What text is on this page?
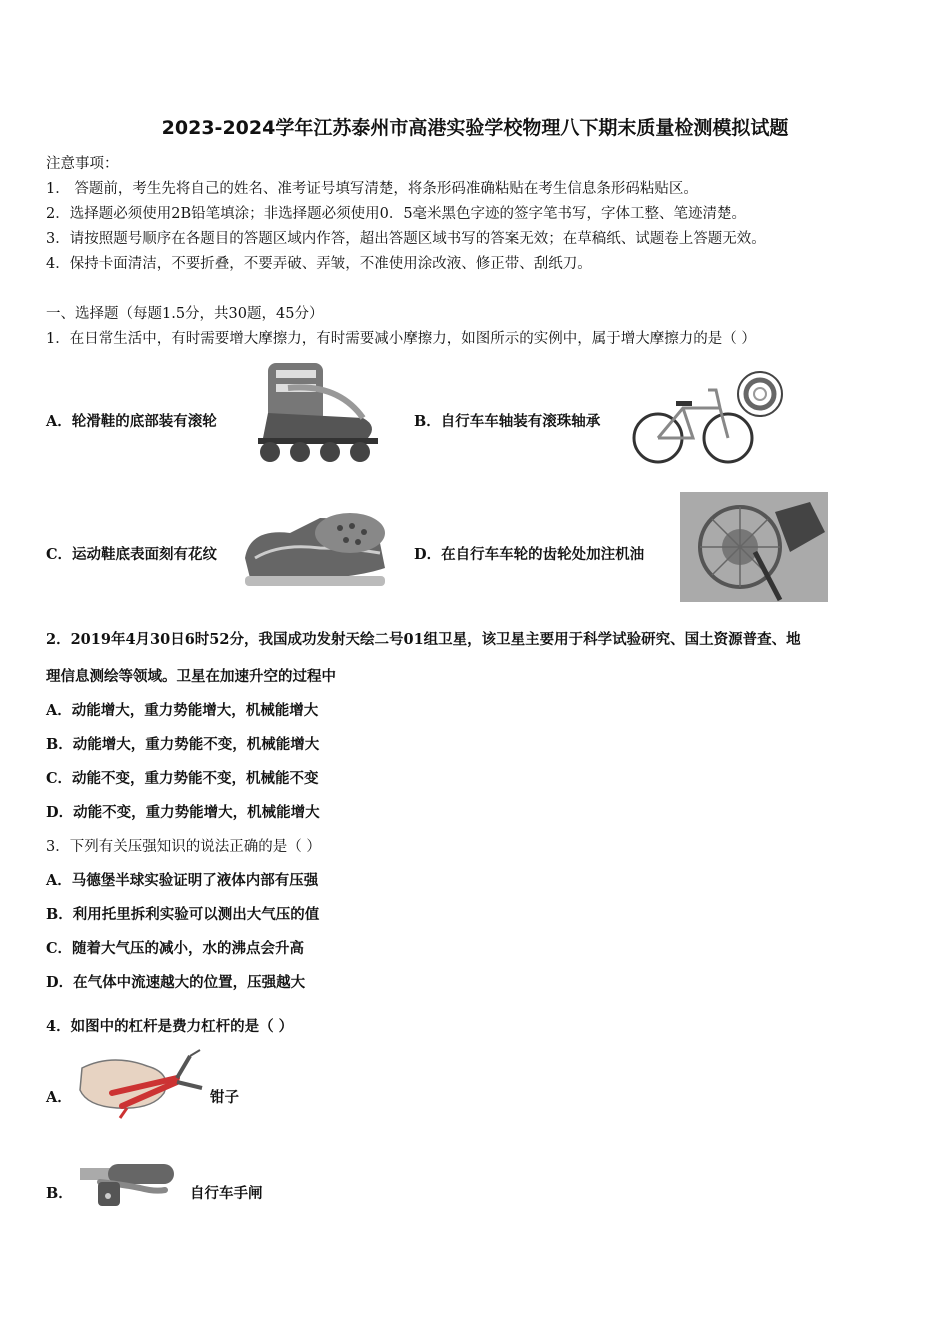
2023-2024学年江苏泰州市高港实验学校物理八下期末质量检测模拟试题
注意事项：
1． 答题前，考生先将自己的姓名、准考证号填写清楚，将条形码准确粘贴在考生信息条形码粘贴区。
2．选择题必须使用2B铅笔填涂；非选择题必须使用0．5毫米黑色字迹的签字笔书写，字体工整、笔迹清楚。
3．请按照题号顺序在各题目的答题区域内作答，超出答题区域书写的答案无效；在草稿纸、试题卷上答题无效。
4．保持卡面清洁，不要折叠，不要弄破、弄皱，不准使用涂改液、修正带、刮纸刀。
一、选择题（每题1.5分，共30题，45分）
1．在日常生活中，有时需要增大摩擦力，有时需要减小摩擦力，如图所示的实例中，属于增大摩擦力的是（ ）
A．轮滑鞋的底部装有滚轮	B．自行车车轴装有滚珠轴承
C．运动鞋底表面刻有花纹	D．在自行车车轮的齿轮处加注机油
2．2019年4月30日6时52分，我国成功发射天绘二号01组卫星，该卫星主要用于科学试验研究、国土资源普查、地
理信息测绘等领域。卫星在加速升空的过程中
A．动能增大，重力势能增大，机械能增大
B．动能增大，重力势能不变，机械能增大
C．动能不变，重力势能不变，机械能不变
D．动能不变，重力势能增大，机械能增大
3．下列有关压强知识的说法正确的是（ ）
A．马德堡半球实验证明了液体内部有压强
B．利用托里拆利实验可以测出大气压的值
C．随着大气压的减小，水的沸点会升高
D．在气体中流速越大的位置，压强越大
4．如图中的杠杆是费力杠杆的是（ ）
A．	钳子
B．	自行车手闸
